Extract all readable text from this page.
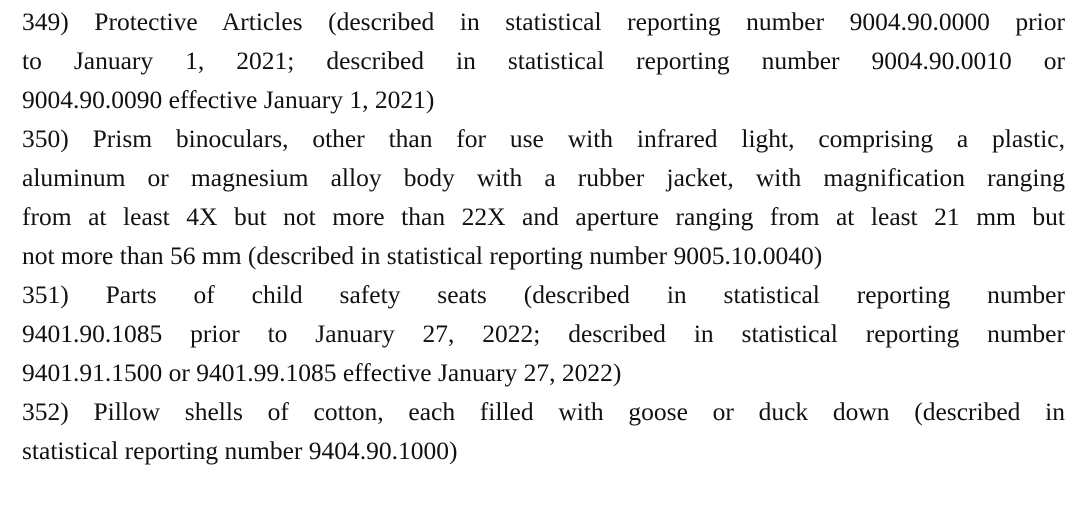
349) Protective Articles (described in statistical reporting number 9004.90.0000 prior
to January 1, 2021; described in statistical reporting number 9004.90.0010 or
9004.90.0090 effective January 1, 2021)
350) Prism binoculars, other than for use with infrared light, comprising a plastic,
aluminum or magnesium alloy body with a rubber jacket, with magnification ranging
from at least 4X but not more than 22X and aperture ranging from at least 21 mm but
not more than 56 mm (described in statistical reporting number 9005.10.0040)
351) Parts of child safety seats (described in statistical reporting number
9401.90.1085 prior to January 27, 2022; described in statistical reporting number
9401.91.1500 or 9401.99.1085 effective January 27, 2022)
352) Pillow shells of cotton, each filled with goose or duck down (described in
statistical reporting number 9404.90.1000)
